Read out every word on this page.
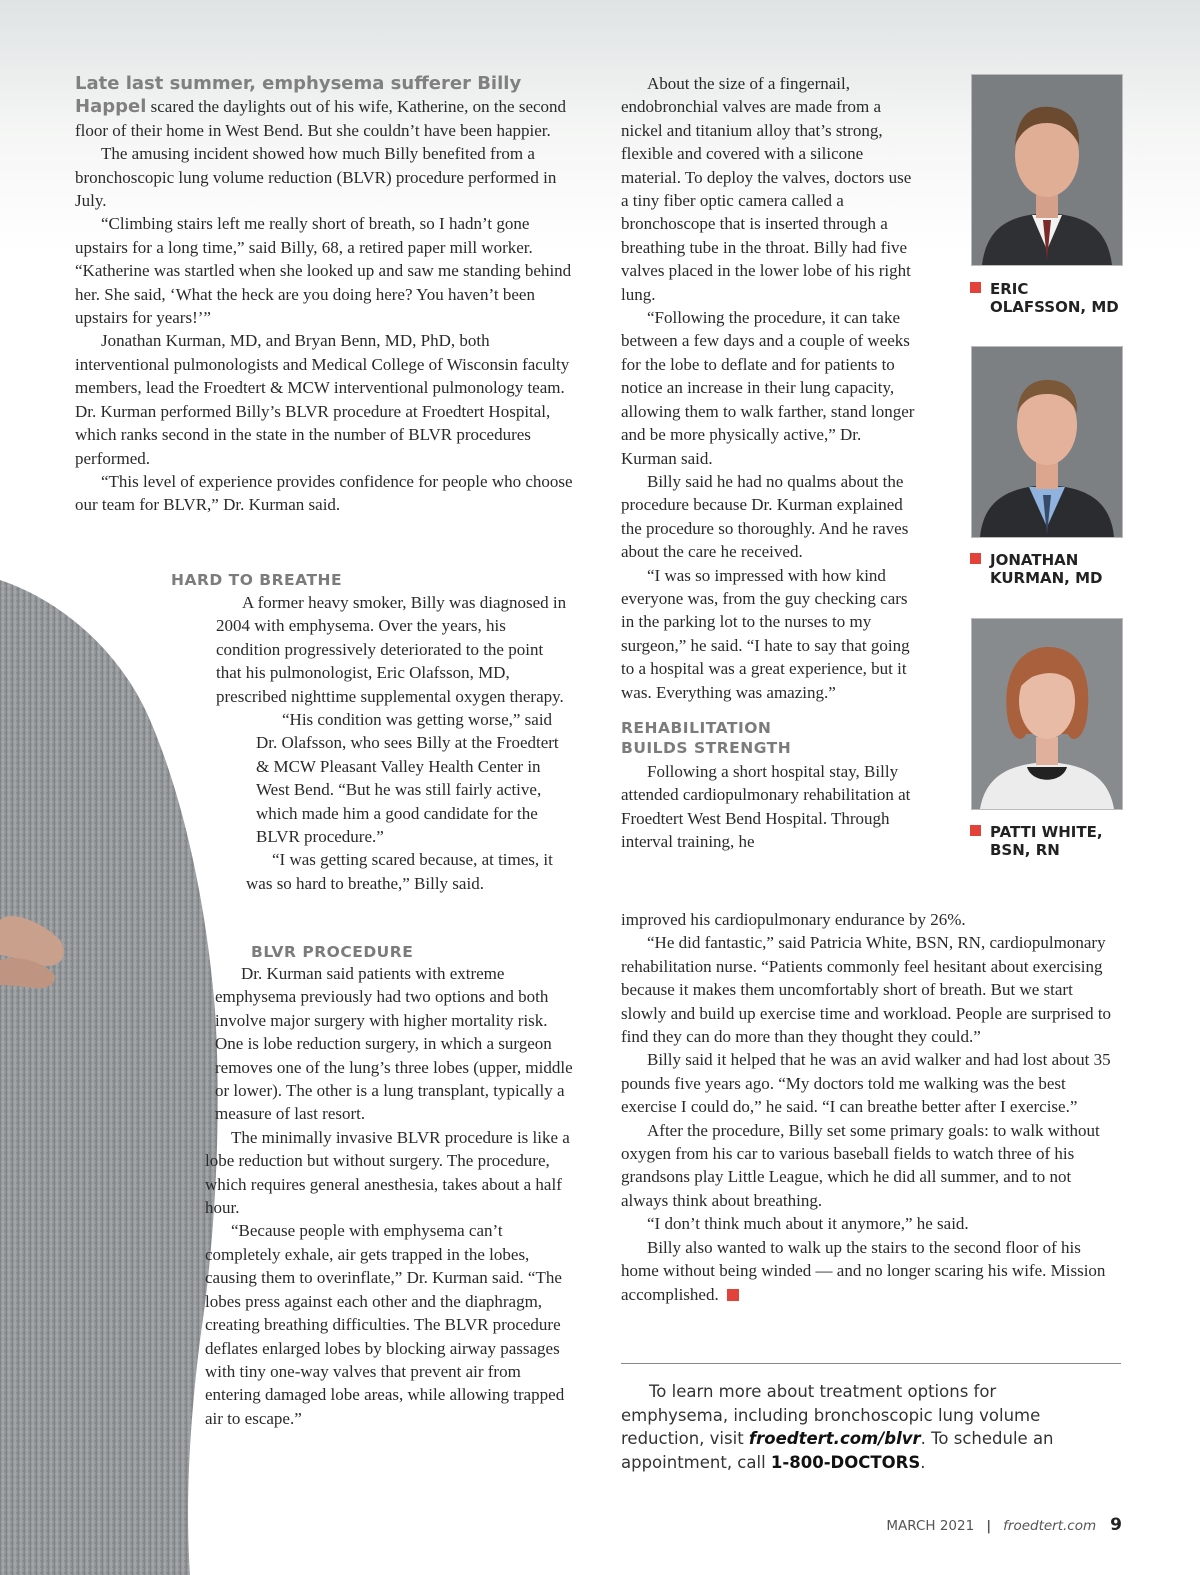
Late last summer, emphysema sufferer Billy Happel scared the daylights out of his wife, Katherine, on the second floor of their home in West Bend. But she couldn’t have been happier.

The amusing incident showed how much Billy benefited from a bronchoscopic lung volume reduction (BLVR) procedure performed in July.

“Climbing stairs left me really short of breath, so I hadn’t gone upstairs for a long time,” said Billy, 68, a retired paper mill worker. “Katherine was startled when she looked up and saw me standing behind her. She said, ‘What the heck are you doing here? You haven’t been upstairs for years!’”

Jonathan Kurman, MD, and Bryan Benn, MD, PhD, both interventional pulmonologists and Medical College of Wisconsin faculty members, lead the Froedtert & MCW interventional pulmonology team. Dr. Kurman performed Billy’s BLVR procedure at Froedtert Hospital, which ranks second in the state in the number of BLVR procedures performed.

“This level of experience provides confidence for people who choose our team for BLVR,” Dr. Kurman said.

HARD TO BREATHE

A former heavy smoker, Billy was diagnosed in 2004 with emphysema. Over the years, his condition progressively deteriorated to the point that his pulmonologist, Eric Olafsson, MD, prescribed nighttime supplemental oxygen therapy.

“His condition was getting worse,” said Dr. Olafsson, who sees Billy at the Froedtert & MCW Pleasant Valley Health Center in West Bend. “But he was still fairly active, which made him a good candidate for the BLVR procedure.”

“I was getting scared because, at times, it was so hard to breathe,” Billy said.

BLVR PROCEDURE

Dr. Kurman said patients with extreme emphysema previously had two options and both involve major surgery with higher mortality risk. One is lobe reduction surgery, in which a surgeon removes one of the lung’s three lobes (upper, middle or lower). The other is a lung transplant, typically a measure of last resort.

The minimally invasive BLVR procedure is like a lobe reduction but without surgery. The procedure, which requires general anesthesia, takes about a half hour.

“Because people with emphysema can’t completely exhale, air gets trapped in the lobes, causing them to overinflate,” Dr. Kurman said. “The lobes press against each other and the diaphragm, creating breathing difficulties. The BLVR procedure deflates enlarged lobes by blocking airway passages with tiny one-way valves that prevent air from entering damaged lobe areas, while allowing trapped air to escape.”

About the size of a fingernail, endobronchial valves are made from a nickel and titanium alloy that’s strong, flexible and covered with a silicone material. To deploy the valves, doctors use a tiny fiber optic camera called a bronchoscope that is inserted through a breathing tube in the throat. Billy had five valves placed in the lower lobe of his right lung.

“Following the procedure, it can take between a few days and a couple of weeks for the lobe to deflate and for patients to notice an increase in their lung capacity, allowing them to walk farther, stand longer and be more physically active,” Dr. Kurman said.

Billy said he had no qualms about the procedure because Dr. Kurman explained the procedure so thoroughly. And he raves about the care he received.

“I was so impressed with how kind everyone was, from the guy checking cars in the parking lot to the nurses to my surgeon,” he said. “I hate to say that going to a hospital was a great experience, but it was. Everything was amazing.”

REHABILITATION
BUILDS STRENGTH

Following a short hospital stay, Billy attended cardiopulmonary rehabilitation at Froedtert West Bend Hospital. Through interval training, he

improved his cardiopulmonary endurance by 26%.

“He did fantastic,” said Patricia White, BSN, RN, cardiopulmonary rehabilitation nurse. “Patients commonly feel hesitant about exercising because it makes them uncomfortably short of breath. But we start slowly and build up exercise time and workload. People are surprised to find they can do more than they thought they could.”

Billy said it helped that he was an avid walker and had lost about 35 pounds five years ago. “My doctors told me walking was the best exercise I could do,” he said. “I can breathe better after I exercise.”

After the procedure, Billy set some primary goals: to walk without oxygen from his car to various baseball fields to watch three of his grandsons play Little League, which he did all summer, and to not always think about breathing.

“I don’t think much about it anymore,” he said.

Billy also wanted to walk up the stairs to the second floor of his home without being winded — and no longer scaring his wife. Mission accomplished.

ERIC
OLAFSSON, MD
JONATHAN
KURMAN, MD
PATTI WHITE,
BSN, RN
To learn more about treatment options for emphysema, including bronchoscopic lung volume reduction, visit froedtert.com/blvr. To schedule an appointment, call 1-800-DOCTORS.
MARCH 2021 | froedtert.com 9
